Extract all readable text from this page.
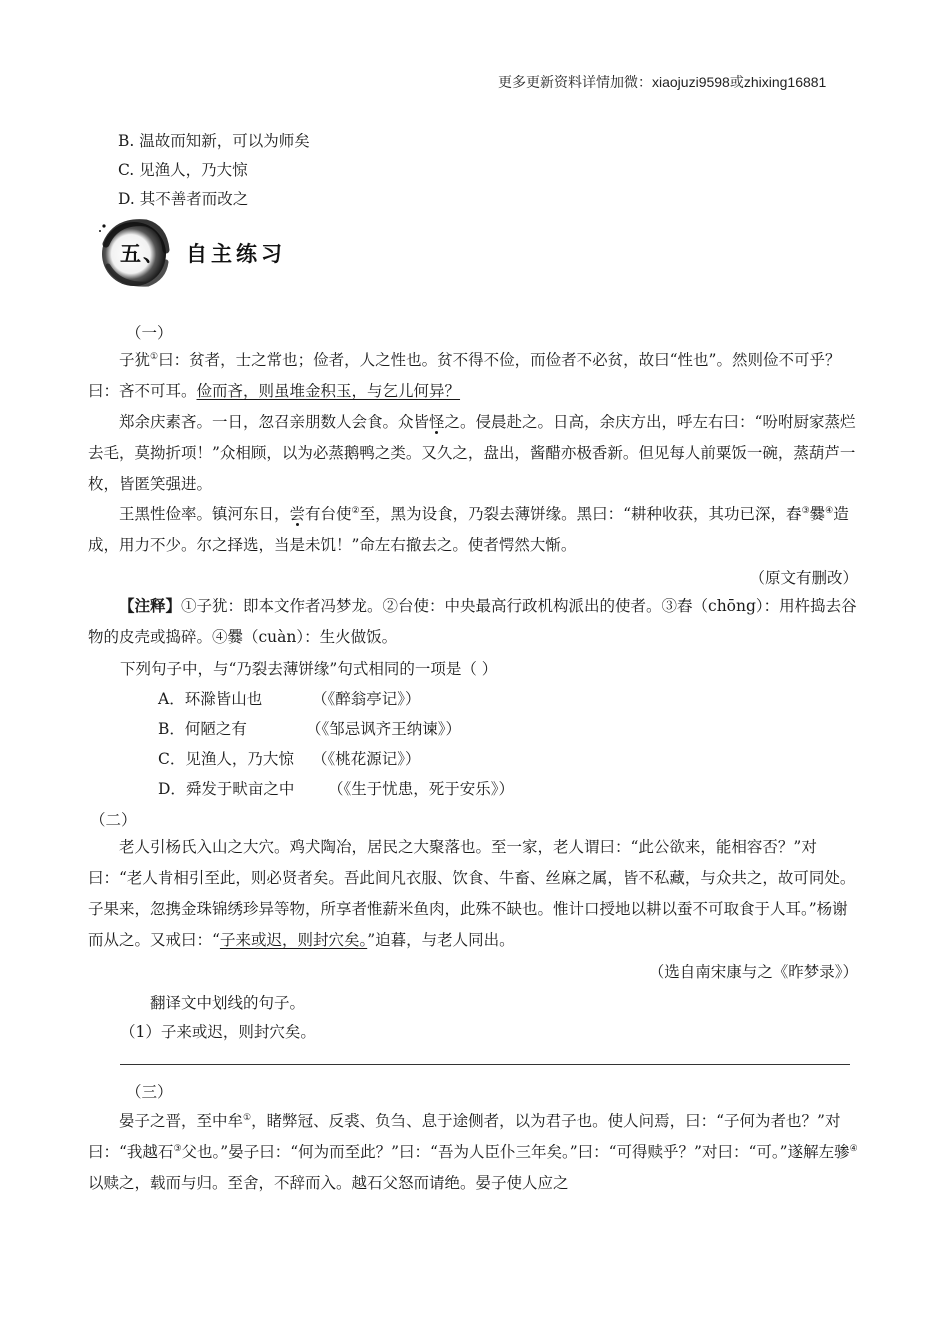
更多更新资料详情加微：xiaojuzi9598或zhixing16881
B. 温故而知新，可以为师矣
C. 见渔人，乃大惊
D. 其不善者而改之
五、 自主练习
（一）
子犹①曰：贫者，士之常也；俭者，人之性也。贫不得不俭，而俭者不必贫，故曰“性也”。然则俭不可乎？曰：吝不可耳。俭而吝，则虽堆金积玉，与乞儿何异？
郑余庆素吝。一日，忽召亲朋数人会食。众皆怪之。侵晨赴之。日高，余庆方出，呼左右曰：“吩咐厨家蒸烂去毛，莫拗折项！”众相顾，以为必蒸鹅鸭之类。又久之，盘出，酱醋亦极香新。但见每人前粟饭一碗，蒸葫芦一枚，皆匿笑强进。
王黑性俭率。镇河东日，尝有台使②至，黑为设食，乃裂去薄饼缘。黑曰：“耕种收获，其功已深，舂③爨④造成，用力不少。尔之择选，当是未饥！”命左右撤去之。使者愕然大惭。
（原文有删改）
【注释】①子犹：即本文作者冯梦龙。②台使：中央最高行政机构派出的使者。③舂（chōng）：用杵捣去谷物的皮壳或捣碎。④爨（cuàn）：生火做饭。
下列句子中，与“乃裂去薄饼缘”句式相同的一项是（ ）
A．环滁皆山也	（《醉翁亭记》）
B．何陋之有	（《邹忌讽齐王纳谏》）
C．见渔人，乃大惊 （《桃花源记》）
D．舜发于畎亩之中 （《生于忧患，死于安乐》）
（二）
老人引杨氏入山之大穴。鸡犬陶冶，居民之大聚落也。至一家，老人谓曰：“此公欲来，能相容否？”对曰：“老人肯相引至此，则必贤者矣。吾此间凡衣服、饮食、牛畜、丝麻之属，皆不私藏，与众共之，故可同处。子果来，忽携金珠锦绣珍异等物，所享者惟薪米鱼肉，此殊不缺也。惟计口授地以耕以蚕不可取食于人耳。”杨谢而从之。又戒曰：“子来或迟，则封穴矣。”迫暮，与老人同出。
（选自南宋康与之《昨梦录》）
翻译文中划线的句子。
（1）子来或迟，则封穴矣。
（三）
晏子之晋，至中牟①，睹弊冠、反裘、负刍、息于途侧者，以为君子也。使人问焉，曰：“子何为者也？”对曰：“我越石③父也。”晏子曰：“何为而至此？”曰：“吾为人臣仆三年矣。”曰：“可得赎乎？”对曰：“可。”遂解左骖④以赎之，载而与归。至舍，不辞而入。越石父怒而请绝。晏子使人应之
